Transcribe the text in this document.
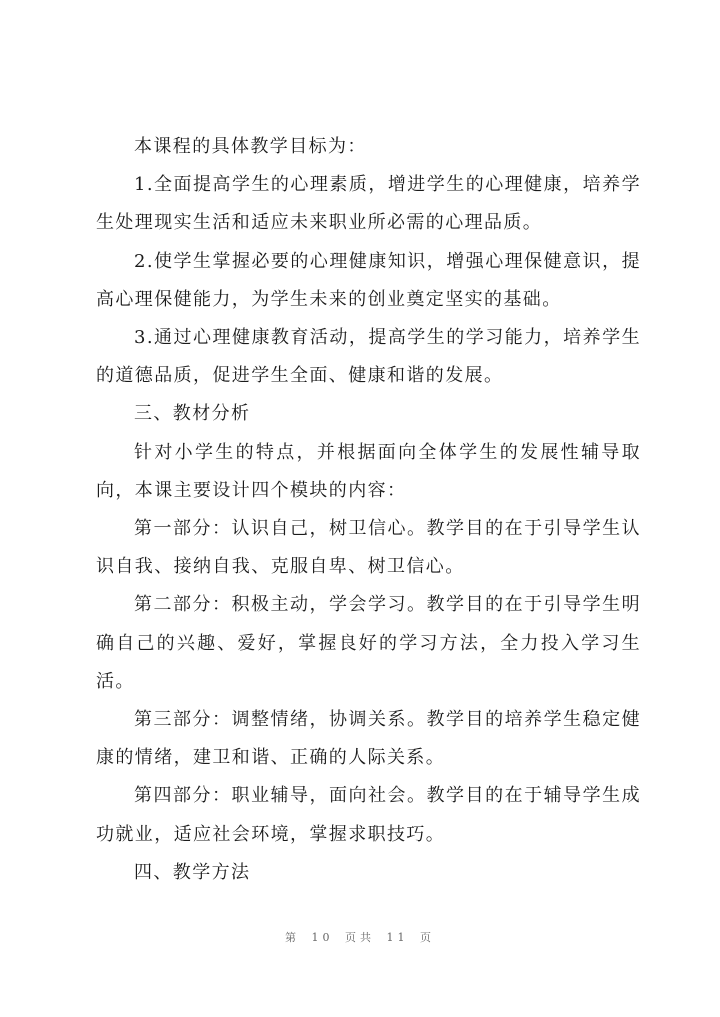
本课程的具体教学目标为：

1.全面提高学生的心理素质，增进学生的心理健康，培养学生处理现实生活和适应未来职业所必需的心理品质。

2.使学生掌握必要的心理健康知识，增强心理保健意识，提高心理保健能力，为学生未来的创业奠定坚实的基础。

3.通过心理健康教育活动，提高学生的学习能力，培养学生的道德品质，促进学生全面、健康和谐的发展。

三、教材分析

针对小学生的特点，并根据面向全体学生的发展性辅导取向，本课主要设计四个模块的内容：

第一部分：认识自己，树卫信心。教学目的在于引导学生认识自我、接纳自我、克服自卑、树卫信心。

第二部分：积极主动，学会学习。教学目的在于引导学生明确自己的兴趣、爱好，掌握良好的学习方法，全力投入学习生活。

第三部分：调整情绪，协调关系。教学目的培养学生稳定健康的情绪，建卫和谐、正确的人际关系。

第四部分：职业辅导，面向社会。教学目的在于辅导学生成功就业，适应社会环境，掌握求职技巧。

四、教学方法

第 10 页共 11 页
